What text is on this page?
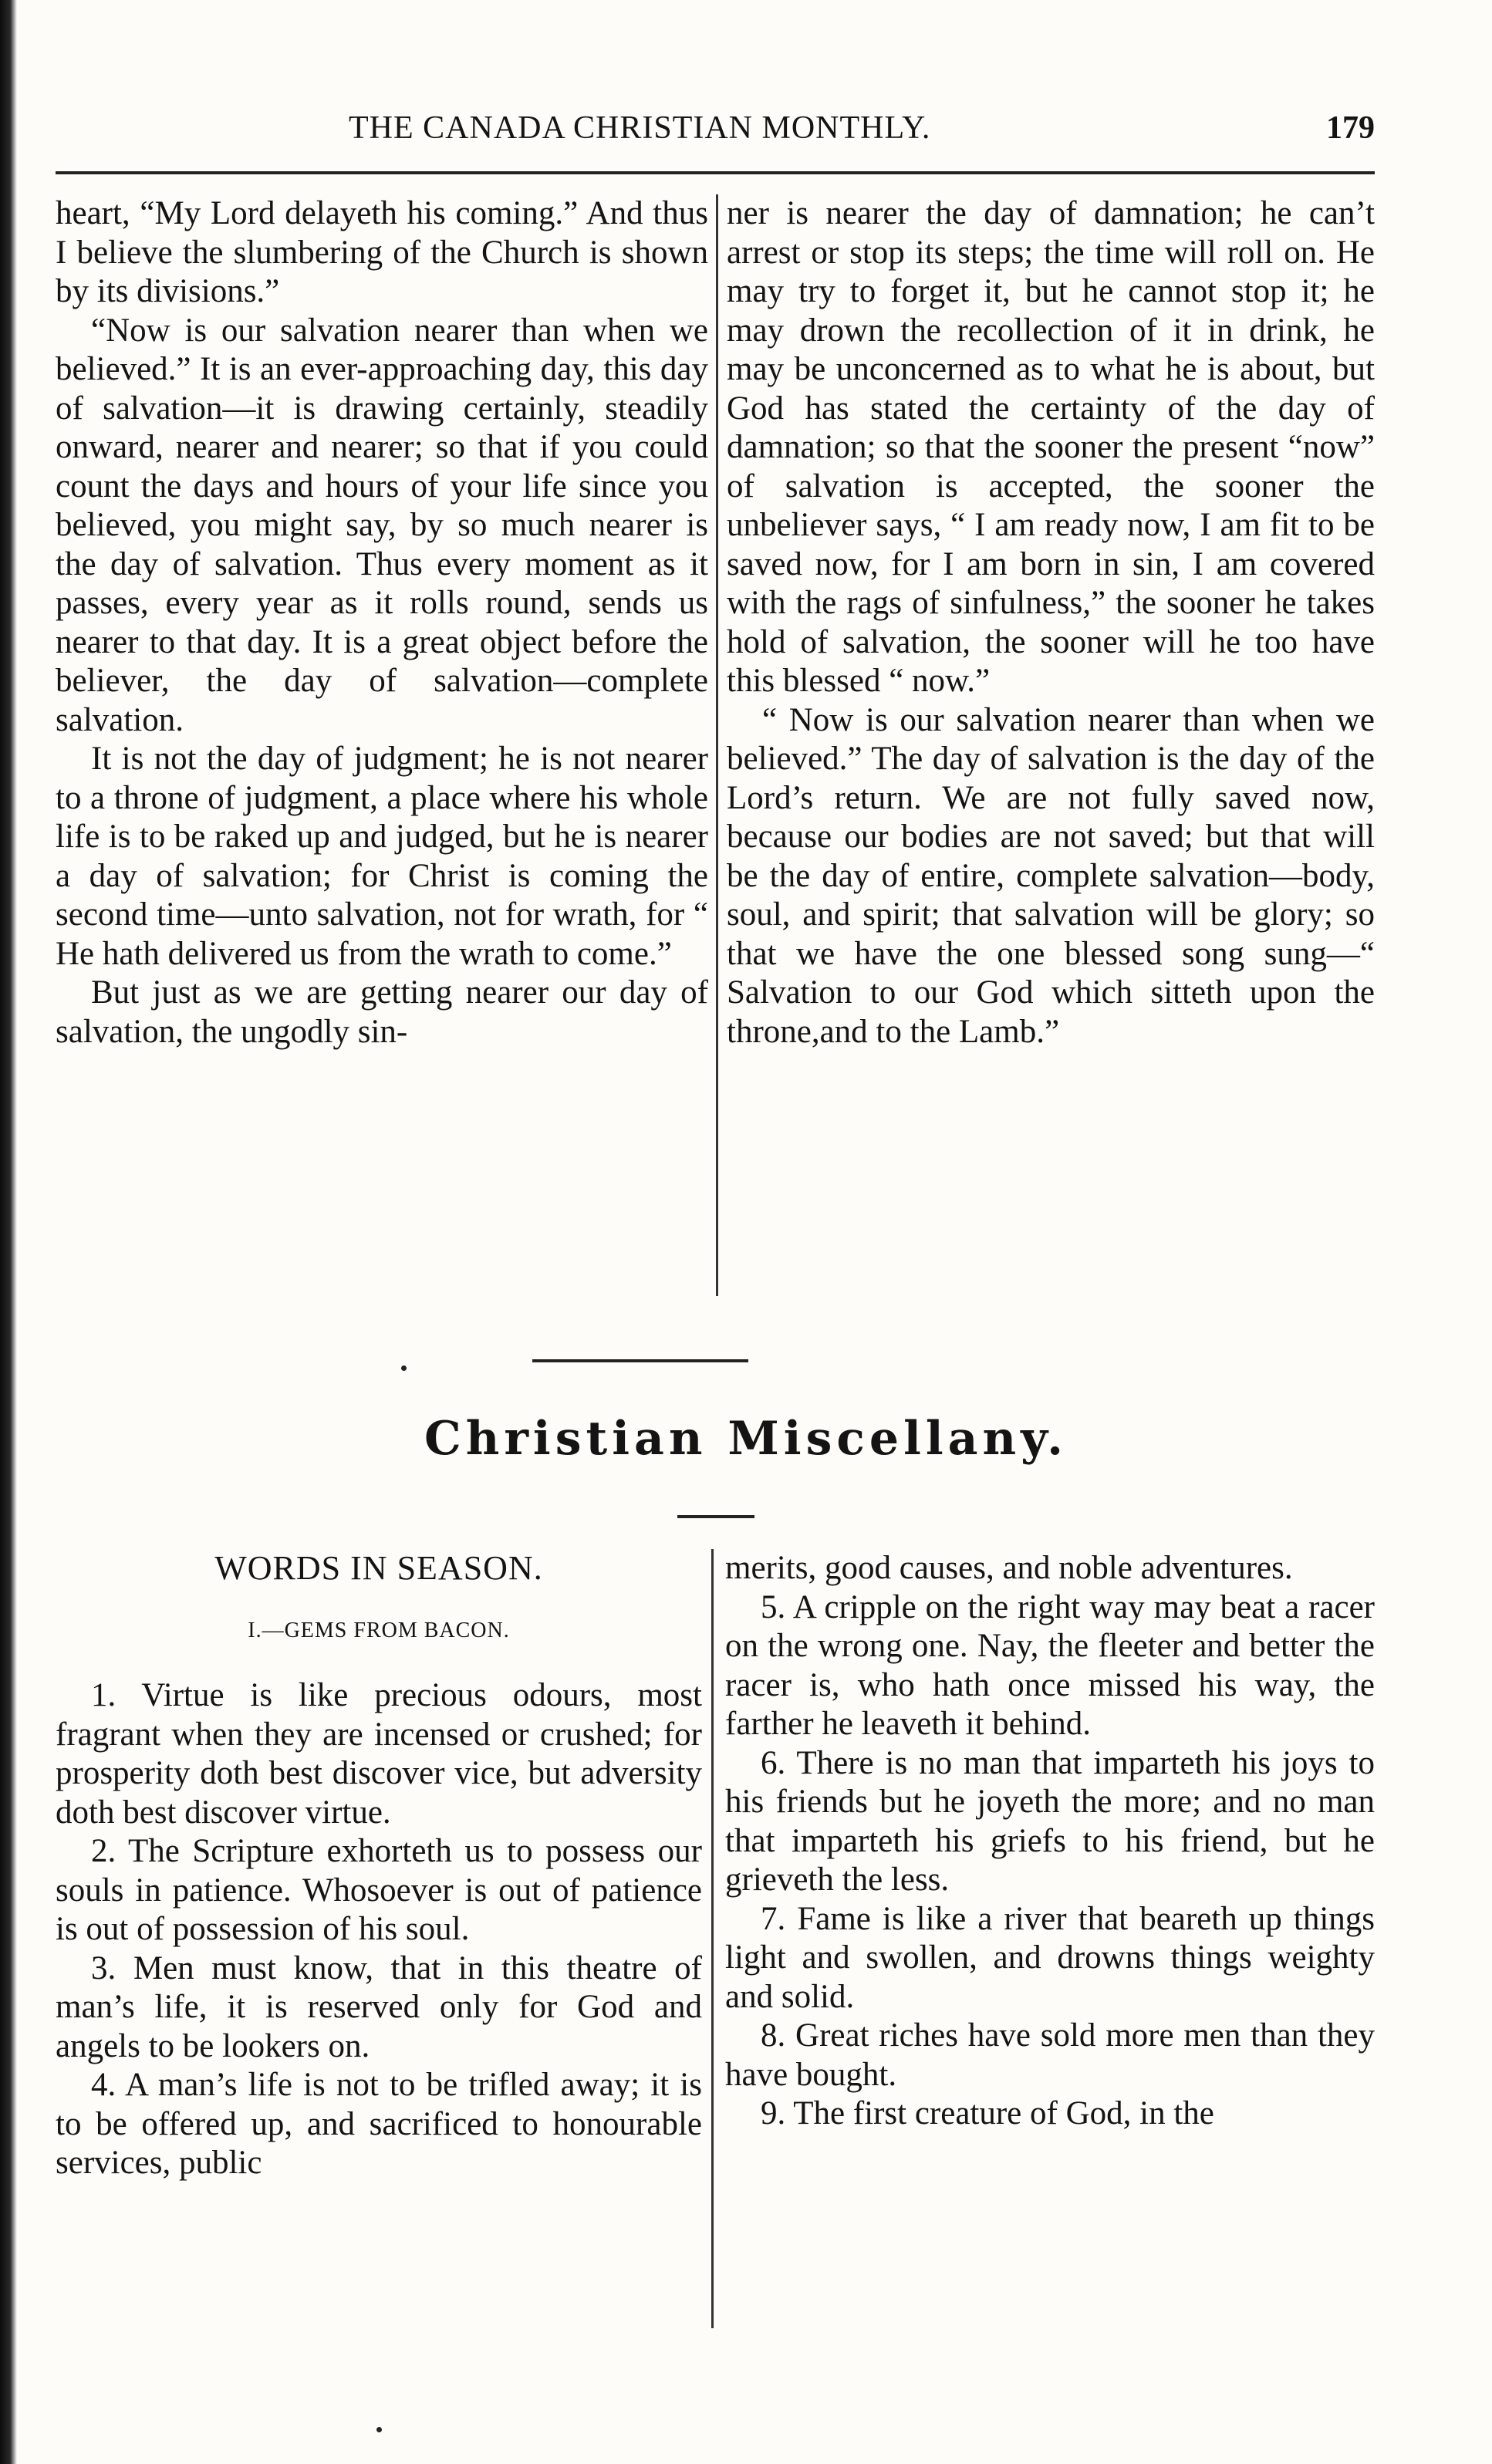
THE CANADA CHRISTIAN MONTHLY.	179

heart, “My Lord delayeth his coming.” And thus I believe the slumbering of the Church is shown by its divisions.”

“Now is our salvation nearer than when we believed.” It is an ever-approaching day, this day of salvation—it is drawing certainly, steadily onward, nearer and nearer; so that if you could count the days and hours of your life since you believed, you might say, by so much nearer is the day of salvation. Thus every moment as it passes, every year as it rolls round, sends us nearer to that day. It is a great object before the believer, the day of salvation—complete salvation.

It is not the day of judgment; he is not nearer to a throne of judgment, a place where his whole life is to be raked up and judged, but he is nearer a day of salvation; for Christ is coming the second time—unto salvation, not for wrath, for “ He hath delivered us from the wrath to come.”

But just as we are getting nearer our day of salvation, the ungodly sin-

ner is nearer the day of damnation; he can’t arrest or stop its steps; the time will roll on. He may try to forget it, but he cannot stop it; he may drown the recollection of it in drink, he may be unconcerned as to what he is about, but God has stated the certainty of the day of damnation; so that the sooner the present “now” of salvation is accepted, the sooner the unbeliever says, “ I am ready now, I am fit to be saved now, for I am born in sin, I am covered with the rags of sinfulness,” the sooner he takes hold of salvation, the sooner will he too have this blessed “ now.”

“ Now is our salvation nearer than when we believed.” The day of salvation is the day of the Lord’s return. We are not fully saved now, because our bodies are not saved; but that will be the day of entire, complete salvation—body, soul, and spirit; that salvation will be glory; so that we have the one blessed song sung—“ Salvation to our God which sitteth upon the throne,and to the Lamb.”

Christian Miscellany.
WORDS IN SEASON.
I.—GEMS FROM BACON.

1. Virtue is like precious odours, most fragrant when they are incensed or crushed; for prosperity doth best discover vice, but adversity doth best discover virtue.

2. The Scripture exhorteth us to possess our souls in patience. Whosoever is out of patience is out of possession of his soul.

3. Men must know, that in this theatre of man’s life, it is reserved only for God and angels to be lookers on.

4. A man’s life is not to be trifled away; it is to be offered up, and sacrificed to honourable services, public

merits, good causes, and noble adventures.

5. A cripple on the right way may beat a racer on the wrong one. Nay, the fleeter and better the racer is, who hath once missed his way, the farther he leaveth it behind.

6. There is no man that imparteth his joys to his friends but he joyeth the more; and no man that imparteth his griefs to his friend, but he grieveth the less.

7. Fame is like a river that beareth up things light and swollen, and drowns things weighty and solid.

8. Great riches have sold more men than they have bought.

9. The first creature of God, in the
